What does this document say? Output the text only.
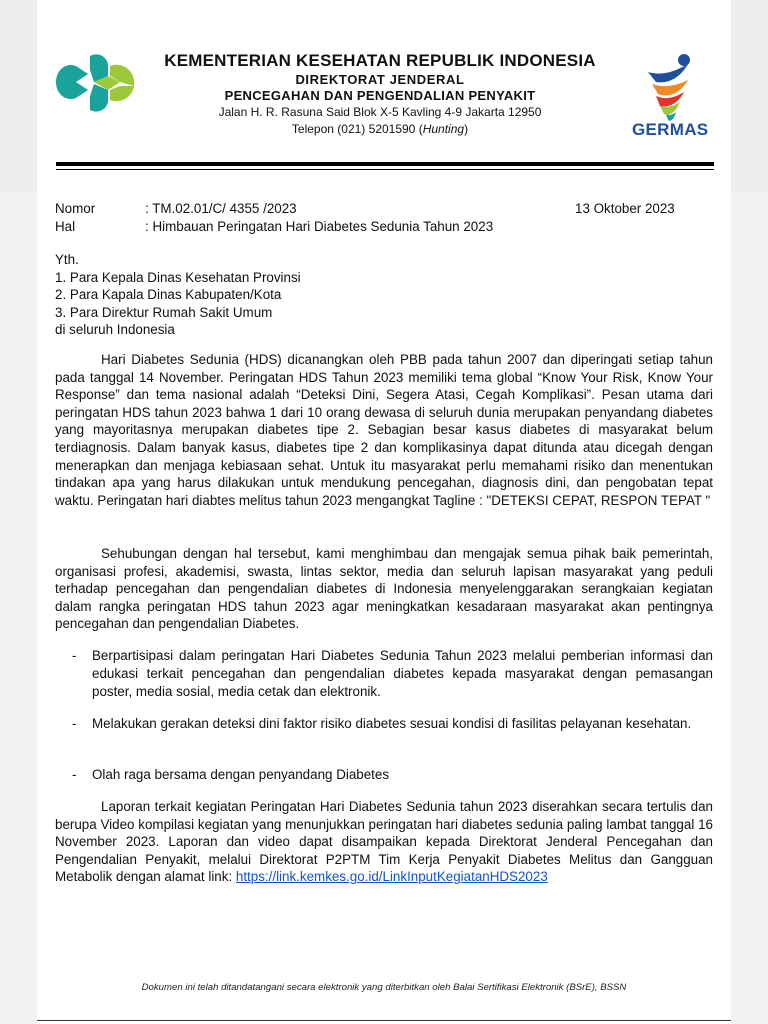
KEMENTERIAN KESEHATAN REPUBLIK INDONESIA
DIREKTORAT JENDERAL
PENCEGAHAN DAN PENGENDALIAN PENYAKIT
Jalan H. R. Rasuna Said Blok X-5 Kavling 4-9 Jakarta 12950
Telepon (021) 5201590 (Hunting)	GERMAS
Nomor	: TM.02.01/C/ 4355 /2023	13 Oktober 2023
Hal	: Himbauan Peringatan Hari Diabetes Sedunia Tahun 2023
Yth.
1. Para Kepala Dinas Kesehatan Provinsi
2. Para Kapala Dinas Kabupaten/Kota
3. Para Direktur Rumah Sakit Umum
di seluruh Indonesia
Hari Diabetes Sedunia (HDS) dicanangkan oleh PBB pada tahun 2007 dan diperingati setiap tahun pada tanggal 14 November. Peringatan HDS Tahun 2023 memiliki tema global “Know Your Risk, Know Your Response” dan tema nasional adalah “Deteksi Dini, Segera Atasi, Cegah Komplikasi”. Pesan utama dari peringatan HDS tahun 2023 bahwa 1 dari 10 orang dewasa di seluruh dunia merupakan penyandang diabetes yang mayoritasnya merupakan diabetes tipe 2. Sebagian besar kasus diabetes di masyarakat belum terdiagnosis. Dalam banyak kasus, diabetes tipe 2 dan komplikasinya dapat ditunda atau dicegah dengan menerapkan dan menjaga kebiasaan sehat. Untuk itu masyarakat perlu memahami risiko dan menentukan tindakan apa yang harus dilakukan untuk mendukung pencegahan, diagnosis dini, dan pengobatan tepat waktu. Peringatan hari diabtes melitus tahun 2023 mengangkat Tagline : "DETEKSI CEPAT, RESPON TEPAT "
Sehubungan dengan hal tersebut, kami menghimbau dan mengajak semua pihak baik pemerintah, organisasi profesi, akademisi, swasta, lintas sektor, media dan seluruh lapisan masyarakat yang peduli terhadap pencegahan dan pengendalian diabetes di Indonesia menyelenggarakan serangkaian kegiatan dalam rangka peringatan HDS tahun 2023 agar meningkatkan kesadaraan masyarakat akan pentingnya pencegahan dan pengendalian Diabetes.
- Berpartisipasi dalam peringatan Hari Diabetes Sedunia Tahun 2023 melalui pemberian informasi dan edukasi terkait pencegahan dan pengendalian diabetes kepada masyarakat dengan pemasangan poster, media sosial, media cetak dan elektronik.
- Melakukan gerakan deteksi dini faktor risiko diabetes sesuai kondisi di fasilitas pelayanan kesehatan.
- Olah raga bersama dengan penyandang Diabetes
Laporan terkait kegiatan Peringatan Hari Diabetes Sedunia tahun 2023 diserahkan secara tertulis dan berupa Video kompilasi kegiatan yang menunjukkan peringatan hari diabetes sedunia paling lambat tanggal 16 November 2023. Laporan dan video dapat disampaikan kepada Direktorat Jenderal Pencegahan dan Pengendalian Penyakit, melalui Direktorat P2PTM Tim Kerja Penyakit Diabetes Melitus dan Gangguan Metabolik dengan alamat link: https://link.kemkes.go.id/LinkInputKegiatanHDS2023
Dokumen ini telah ditandatangani secara elektronik yang diterbitkan oleh Balai Sertifikasi Elektronik (BSrE), BSSN
